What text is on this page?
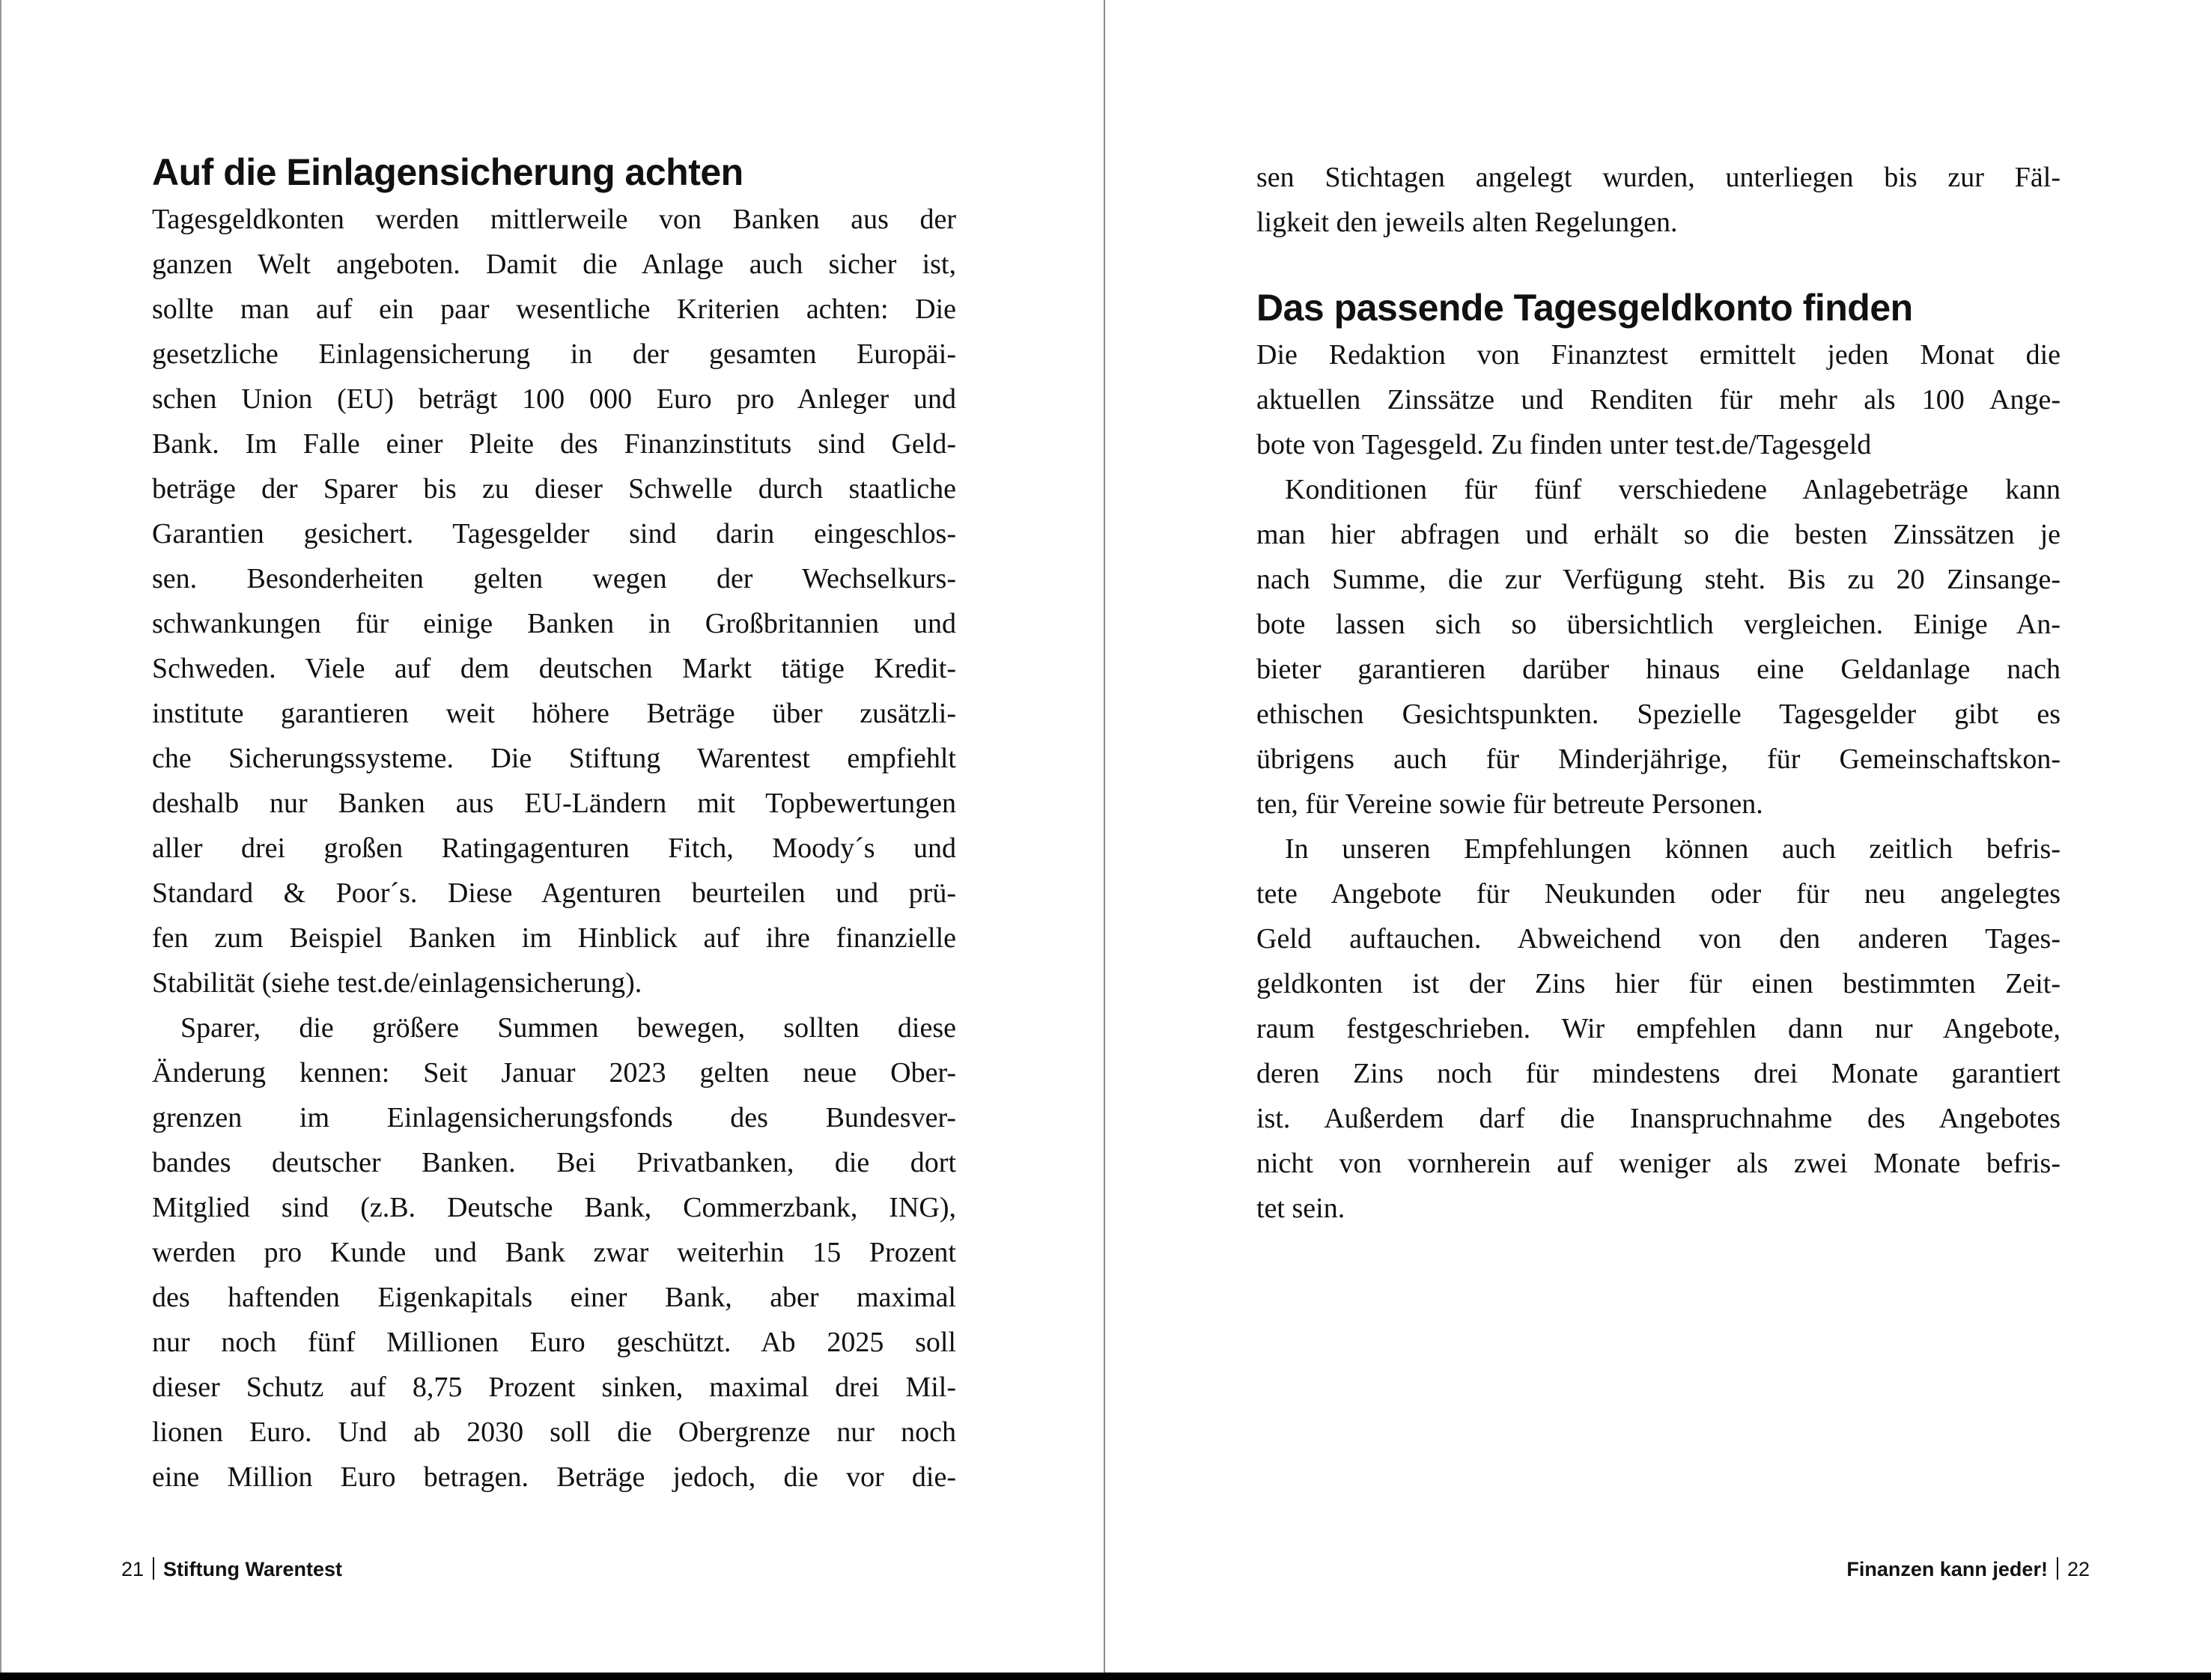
Auf die Einlagensicherung achten
Tagesgeldkonten werden mittlerweile von Banken aus der
ganzen Welt angeboten. Damit die Anlage auch sicher ist,
sollte man auf ein paar wesentliche Kriterien achten: Die
gesetzliche Einlagensicherung in der gesamten Europäi-
schen Union (EU) beträgt 100 000 Euro pro Anleger und
Bank. Im Falle einer Pleite des Finanzinstituts sind Geld-
beträge der Sparer bis zu dieser Schwelle durch staatliche
Garantien gesichert. Tagesgelder sind darin eingeschlos-
sen. Besonderheiten gelten wegen der Wechselkurs-
schwankungen für einige Banken in Großbritannien und
Schweden. Viele auf dem deutschen Markt tätige Kredit-
institute garantieren weit höhere Beträge über zusätzli-
che Sicherungssysteme. Die Stiftung Warentest empfiehlt
deshalb nur Banken aus EU-Ländern mit Topbewertungen
aller drei großen Ratingagenturen Fitch, Moody´s und
Standard & Poor´s. Diese Agenturen beurteilen und prü-
fen zum Beispiel Banken im Hinblick auf ihre finanzielle
Stabilität (siehe test.de/einlagensicherung).
Sparer, die größere Summen bewegen, sollten diese
Änderung kennen: Seit Januar 2023 gelten neue Ober-
grenzen im Einlagensicherungsfonds des Bundesver-
bandes deutscher Banken. Bei Privatbanken, die dort
Mitglied sind (z.B. Deutsche Bank, Commerzbank, ING),
werden pro Kunde und Bank zwar weiterhin 15 Prozent
des haftenden Eigenkapitals einer Bank, aber maximal
nur noch fünf Millionen Euro geschützt. Ab 2025 soll
dieser Schutz auf 8,75 Prozent sinken, maximal drei Mil-
lionen Euro. Und ab 2030 soll die Obergrenze nur noch
eine Million Euro betragen. Beträge jedoch, die vor die-
21 Stiftung Warentest
sen Stichtagen angelegt wurden, unterliegen bis zur Fäl-
ligkeit den jeweils alten Regelungen.
Das passende Tagesgeldkonto finden
Die Redaktion von Finanztest ermittelt jeden Monat die
aktuellen Zinssätze und Renditen für mehr als 100 Ange-
bote von Tagesgeld. Zu finden unter test.de/Tagesgeld
Konditionen für fünf verschiedene Anlagebeträge kann
man hier abfragen und erhält so die besten Zinssätzen je
nach Summe, die zur Verfügung steht. Bis zu 20 Zinsange-
bote lassen sich so übersichtlich vergleichen. Einige An-
bieter garantieren darüber hinaus eine Geldanlage nach
ethischen Gesichtspunkten. Spezielle Tagesgelder gibt es
übrigens auch für Minderjährige, für Gemeinschaftskon-
ten, für Vereine sowie für betreute Personen.
In unseren Empfehlungen können auch zeitlich befris-
tete Angebote für Neukunden oder für neu angelegtes
Geld auftauchen. Abweichend von den anderen Tages-
geldkonten ist der Zins hier für einen bestimmten Zeit-
raum festgeschrieben. Wir empfehlen dann nur Angebote,
deren Zins noch für mindestens drei Monate garantiert
ist. Außerdem darf die Inanspruchnahme des Angebotes
nicht von vornherein auf weniger als zwei Monate befris-
tet sein.
Finanzen kann jeder! 22
